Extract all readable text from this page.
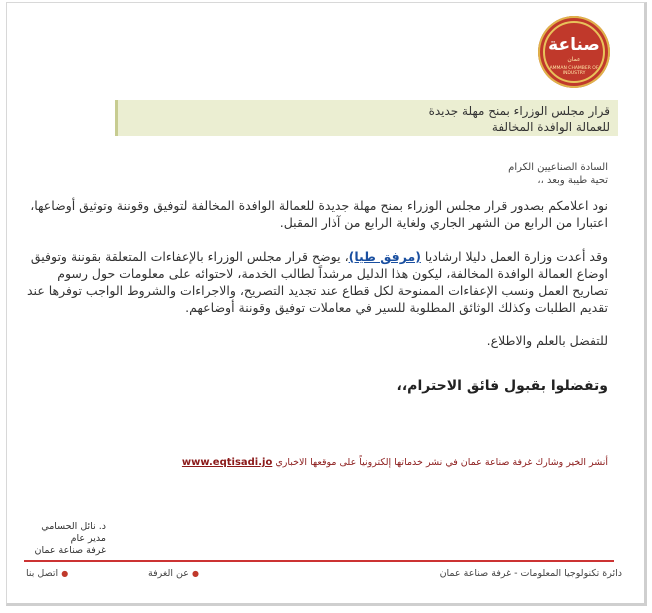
صناعة
عمان
AMMAN CHAMBER OF INDUSTRY
قرار مجلس الوزراء بمنح مهلة جديدة
للعمالة الوافدة المخالفة
السادة الصناعيين الكرام
تحية طيبة وبعد ،،
نود اعلامكم بصدور قرار مجلس الوزراء بمنح مهلة جديدة للعمالة الوافدة المخالفة لتوفيق وقوننة وتوثيق أوضاعها، اعتبارا من الرابع من الشهر الجاري ولغاية الرابع من آذار المقبل.
وقد أعدت وزارة العمل دليلا ارشاديا (مرفق طيا)، يوضح قرار مجلس الوزراء بالإعفاءات المتعلقة بقوننة وتوفيق اوضاع العمالة الوافدة المخالفة، ليكون هذا الدليل مرشداً لطالب الخدمة، لاحتوائه على معلومات حول رسوم تصاريح العمل ونسب الإعفاءات الممنوحة لكل قطاع عند تجديد التصريح، والاجراءات والشروط الواجب توفرها عند تقديم الطلبات وكذلك الوثائق المطلوبة للسير في معاملات توفيق وقوننة أوضاعهم.
للتفضل بالعلم والاطلاع.
وتفضلوا بقبول فائق الاحترام،،
أنشر الخير وشارك غرفة صناعة عمان في نشر خدماتها إلكترونياً على موقعها الاخباري www.eqtisadi.jo
د. نائل الحسامي
مدير عام
غرفة صناعة عمان
دائرة تكنولوجيا المعلومات - غرفة صناعة عمان
● عن الغرفة
● اتصل بنا
